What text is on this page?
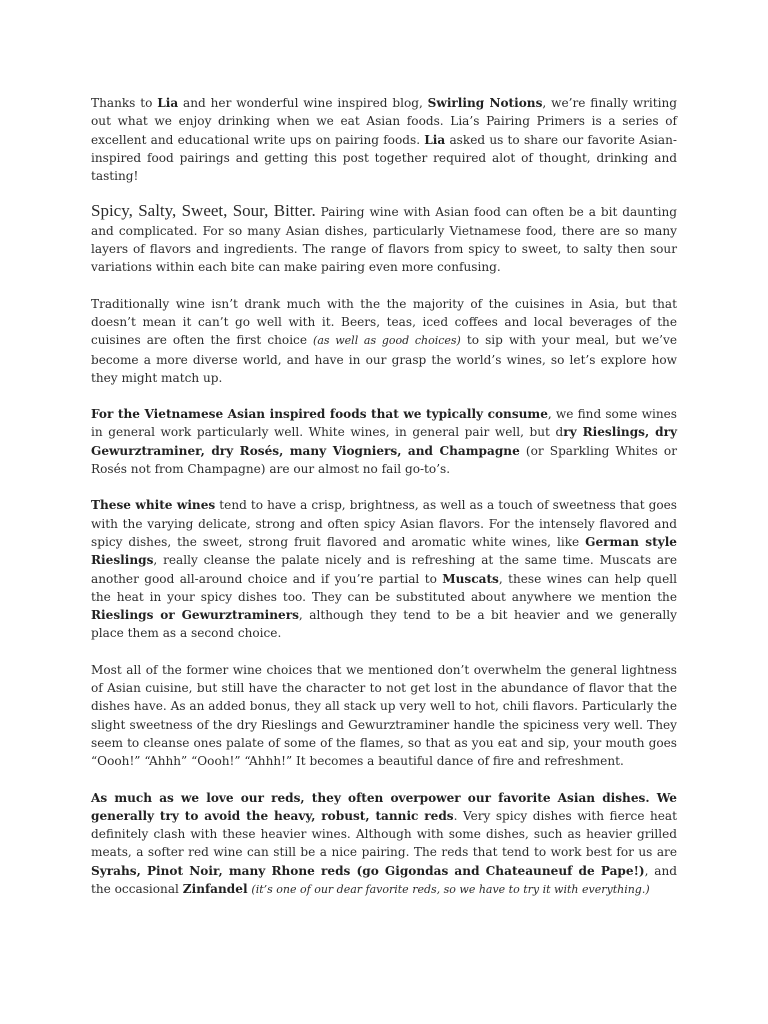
Thanks to Lia and her wonderful wine inspired blog, Swirling Notions, we’re finally writing out what we enjoy drinking when we eat Asian foods. Lia’s Pairing Primers is a series of excellent and educational write ups on pairing foods. Lia asked us to share our favorite Asian-inspired food pairings and getting this post together required alot of thought, drinking and tasting!

Spicy, Salty, Sweet, Sour, Bitter. Pairing wine with Asian food can often be a bit daunting and complicated. For so many Asian dishes, particularly Vietnamese food, there are so many layers of flavors and ingredients. The range of flavors from spicy to sweet, to salty then sour variations within each bite can make pairing even more confusing.

Traditionally wine isn’t drank much with the the majority of the cuisines in Asia, but that doesn’t mean it can’t go well with it. Beers, teas, iced coffees and local beverages of the cuisines are often the first choice (as well as good choices) to sip with your meal, but we’ve become a more diverse world, and have in our grasp the world’s wines, so let’s explore how they might match up.

For the Vietnamese Asian inspired foods that we typically consume, we find some wines in general work particularly well. White wines, in general pair well, but dry Rieslings, dry Gewurztraminer, dry Rosés, many Viogniers, and Champagne (or Sparkling Whites or Rosés not from Champagne) are our almost no fail go-to’s.

These white wines tend to have a crisp, brightness, as well as a touch of sweetness that goes with the varying delicate, strong and often spicy Asian flavors. For the intensely flavored and spicy dishes, the sweet, strong fruit flavored and aromatic white wines, like German style Rieslings, really cleanse the palate nicely and is refreshing at the same time. Muscats are another good all-around choice and if you’re partial to Muscats, these wines can help quell the heat in your spicy dishes too. They can be substituted about anywhere we mention the Rieslings or Gewurztraminers, although they tend to be a bit heavier and we generally place them as a second choice.

Most all of the former wine choices that we mentioned don’t overwhelm the general lightness of Asian cuisine, but still have the character to not get lost in the abundance of flavor that the dishes have. As an added bonus, they all stack up very well to hot, chili flavors. Particularly the slight sweetness of the dry Rieslings and Gewurztraminer handle the spiciness very well. They seem to cleanse ones palate of some of the flames, so that as you eat and sip, your mouth goes “Oooh!” “Ahhh” “Oooh!” “Ahhh!” It becomes a beautiful dance of fire and refreshment.

As much as we love our reds, they often overpower our favorite Asian dishes. We generally try to avoid the heavy, robust, tannic reds. Very spicy dishes with fierce heat definitely clash with these heavier wines. Although with some dishes, such as heavier grilled meats, a softer red wine can still be a nice pairing. The reds that tend to work best for us are Syrahs, Pinot Noir, many Rhone reds (go Gigondas and Chateauneuf de Pape!), and the occasional Zinfandel (it’s one of our dear favorite reds, so we have to try it with everything.)
